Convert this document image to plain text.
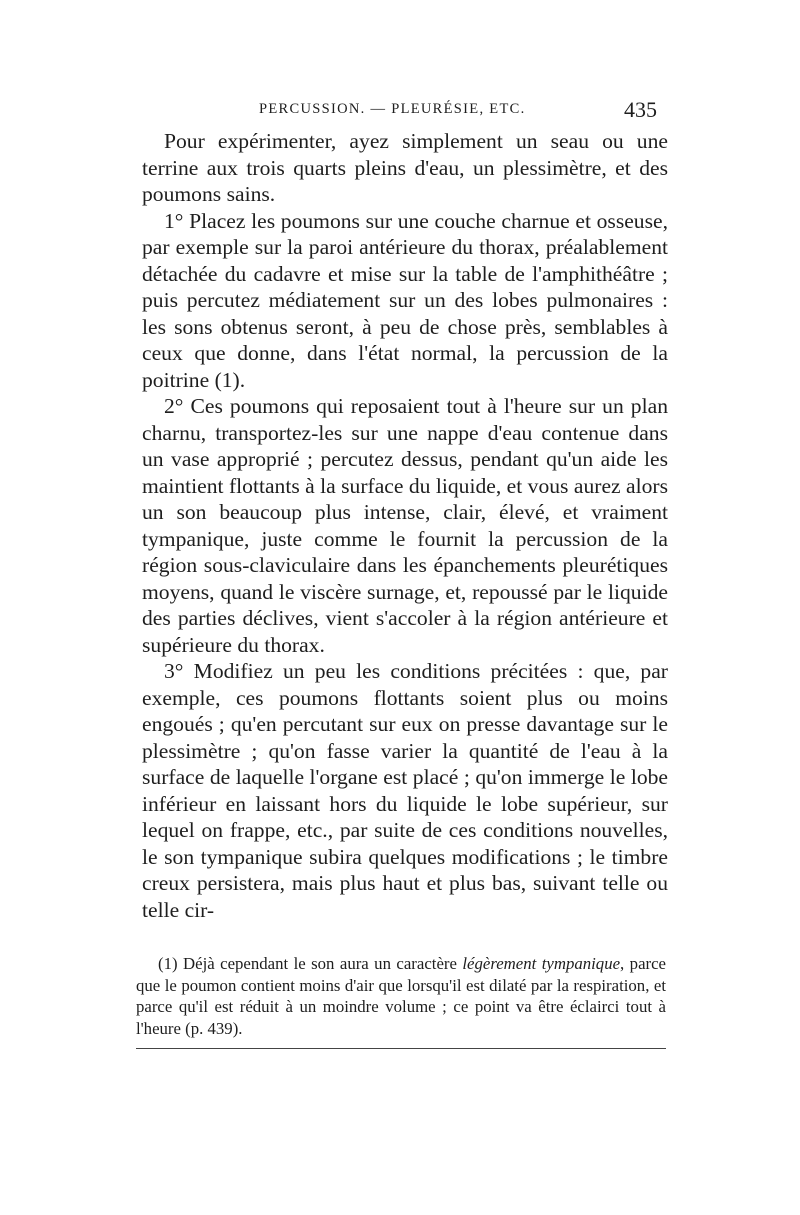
PERCUSSION. — PLEURÉSIE, ETC.	435

Pour expérimenter, ayez simplement un seau ou une terrine aux trois quarts pleins d'eau, un plessimètre, et des poumons sains.

1° Placez les poumons sur une couche charnue et osseuse, par exemple sur la paroi antérieure du thorax, préalablement détachée du cadavre et mise sur la table de l'amphithéâtre ; puis percutez médiatement sur un des lobes pulmonaires : les sons obtenus seront, à peu de chose près, semblables à ceux que donne, dans l'état normal, la percussion de la poitrine (1).

2° Ces poumons qui reposaient tout à l'heure sur un plan charnu, transportez-les sur une nappe d'eau contenue dans un vase approprié ; percutez dessus, pendant qu'un aide les maintient flottants à la surface du liquide, et vous aurez alors un son beaucoup plus intense, clair, élevé, et vraiment tympanique, juste comme le fournit la percussion de la région sous-claviculaire dans les épanchements pleurétiques moyens, quand le viscère surnage, et, repoussé par le liquide des parties déclives, vient s'accoler à la région antérieure et supérieure du thorax.

3° Modifiez un peu les conditions précitées : que, par exemple, ces poumons flottants soient plus ou moins engoués ; qu'en percutant sur eux on presse davantage sur le plessimètre ; qu'on fasse varier la quantité de l'eau à la surface de laquelle l'organe est placé ; qu'on immerge le lobe inférieur en laissant hors du liquide le lobe supérieur, sur lequel on frappe, etc., par suite de ces conditions nouvelles, le son tympanique subira quelques modifications ; le timbre creux persistera, mais plus haut et plus bas, suivant telle ou telle cir-

(1) Déjà cependant le son aura un caractère légèrement tympanique, parce que le poumon contient moins d'air que lorsqu'il est dilaté par la respiration, et parce qu'il est réduit à un moindre volume ; ce point va être éclairci tout à l'heure (p. 439).
